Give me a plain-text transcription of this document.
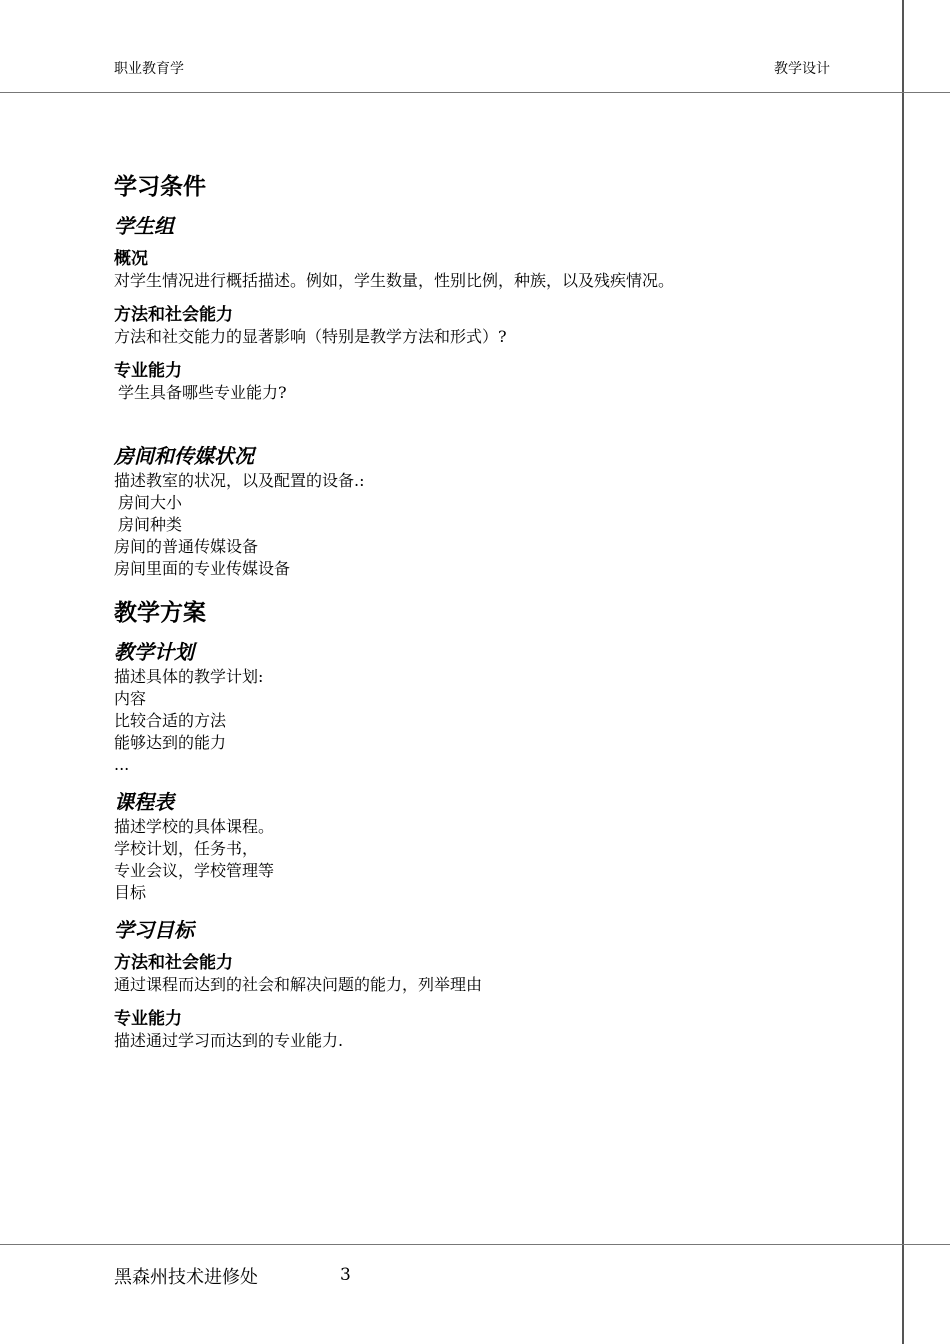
职业教育学	教学设计
学习条件
学生组
概况
对学生情况进行概括描述。例如，学生数量，性别比例，种族，以及残疾情况。
方法和社会能力
方法和社交能力的显著影响（特别是教学方法和形式）?
专业能力
学生具备哪些专业能力?
房间和传媒状况
描述教室的状况，以及配置的设备.:
房间大小
房间种类
房间的普通传媒设备
房间里面的专业传媒设备
教学方案
教学计划
描述具体的教学计划:
内容
比较合适的方法
能够达到的能力
...
课程表
描述学校的具体课程。
学校计划，任务书，
专业会议，学校管理等
目标
学习目标
方法和社会能力
通过课程而达到的社会和解决问题的能力，列举理由
专业能力
描述通过学习而达到的专业能力.
黑森州技术进修处	3
